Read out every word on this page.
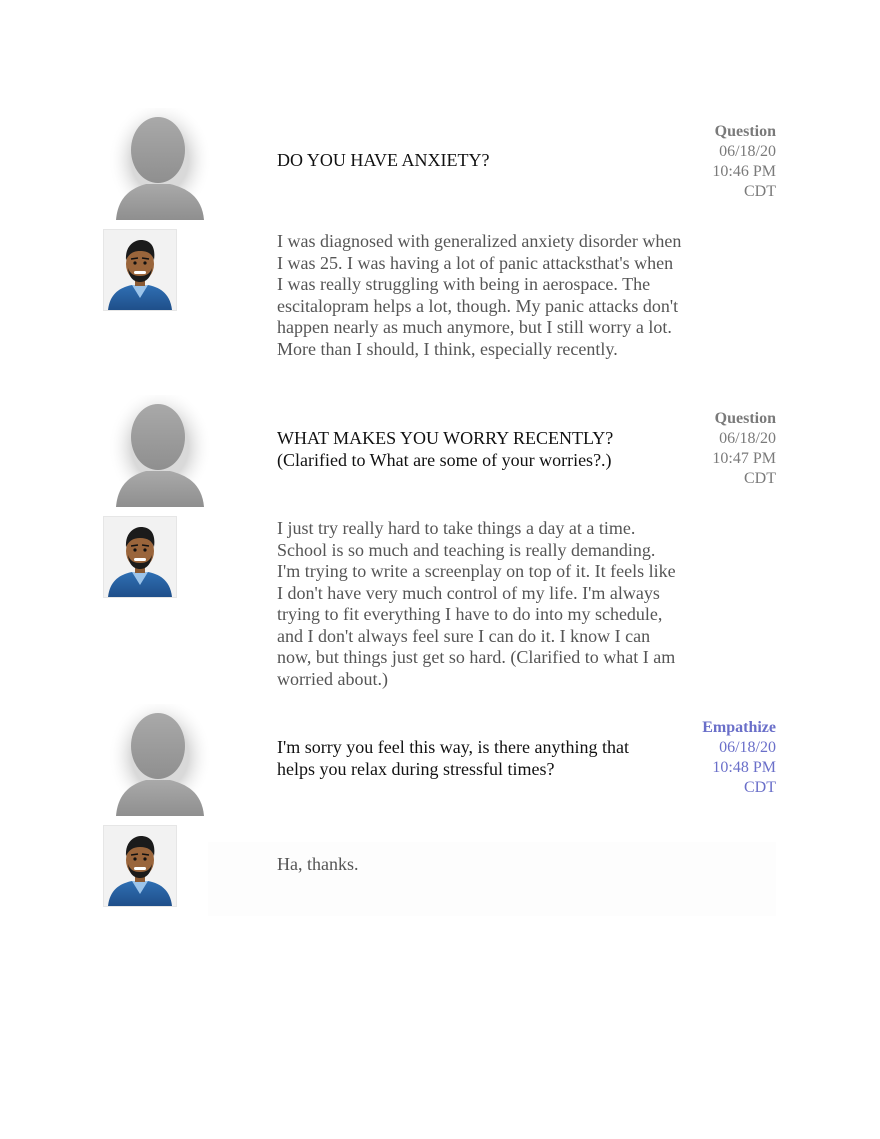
DO YOU HAVE ANXIETY?
Question
06/18/20
10:46 PM
CDT
I was diagnosed with generalized anxiety disorder when I was 25. I was having a lot of panic attacksthat's when I was really struggling with being in aerospace. The escitalopram helps a lot, though. My panic attacks don't happen nearly as much anymore, but I still worry a lot. More than I should, I think, especially recently.
WHAT MAKES YOU WORRY RECENTLY? (Clarified to What are some of your worries?.)
Question
06/18/20
10:47 PM
CDT
I just try really hard to take things a day at a time. School is so much and teaching is really demanding. I'm trying to write a screenplay on top of it. It feels like I don't have very much control of my life. I'm always trying to fit everything I have to do into my schedule, and I don't always feel sure I can do it. I know I can now, but things just get so hard. (Clarified to what I am worried about.)
I'm sorry you feel this way, is there anything that helps you relax during stressful times?
Empathize
06/18/20
10:48 PM
CDT
Ha, thanks.
